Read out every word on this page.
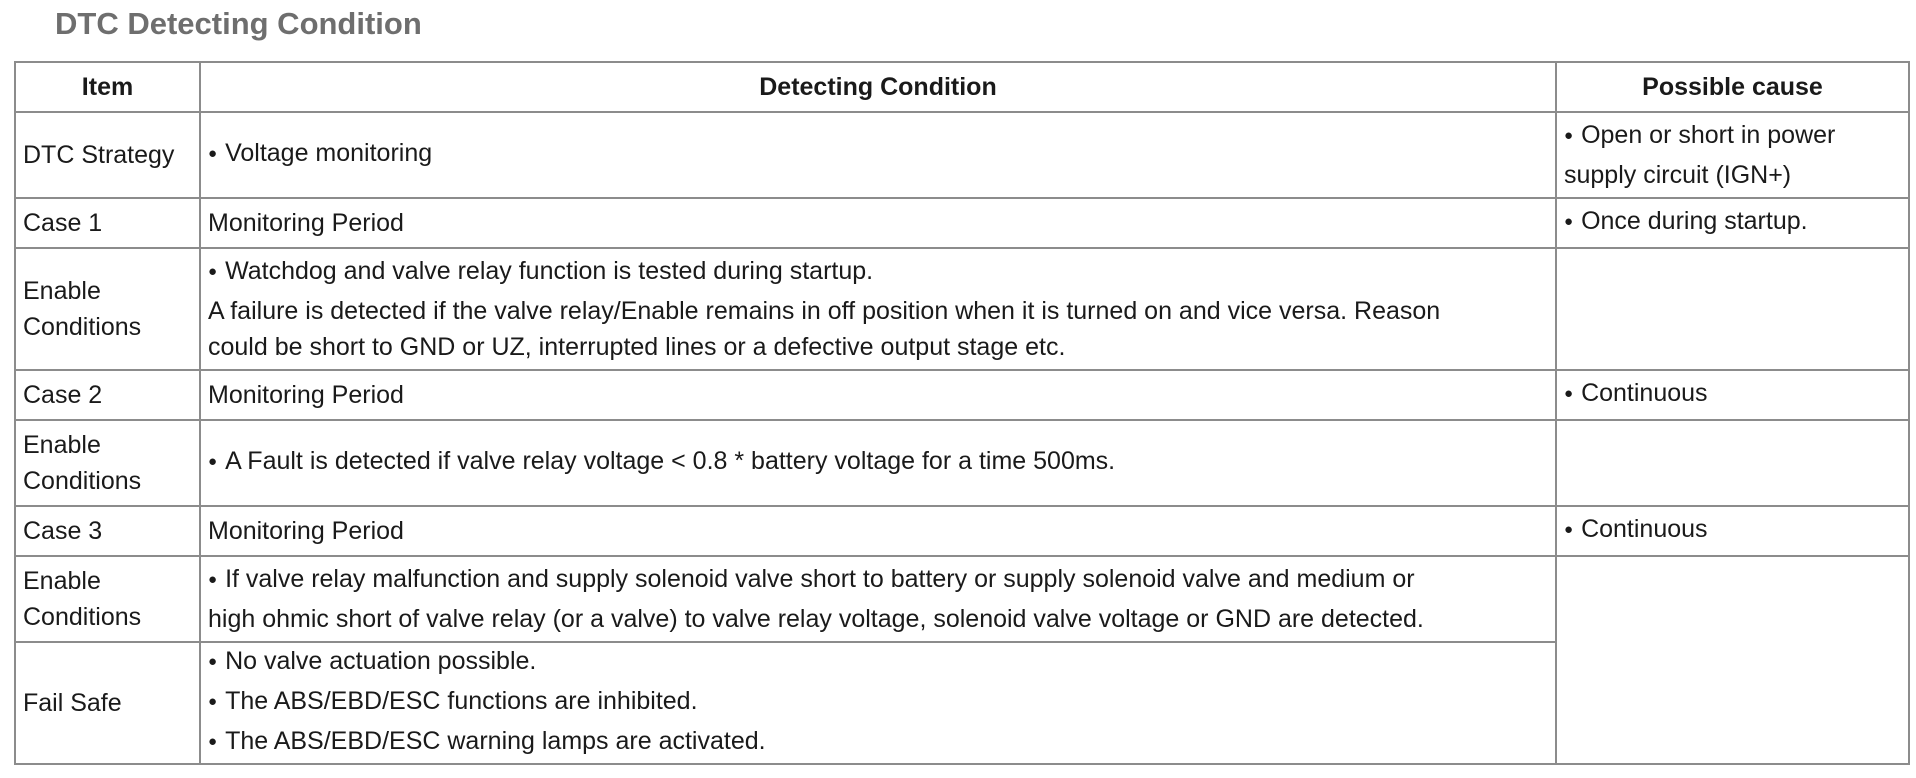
DTC Detecting Condition
Item	Detecting Condition	Possible cause
DTC Strategy	● Voltage monitoring	● Open or short in power
supply circuit (IGN+)

Case 1	Monitoring Period	● Once during startup.

Enable
Conditions	● Watchdog and valve relay function is tested during startup.
A failure is detected if the valve relay/Enable remains in off position when it is turned on and vice versa. Reason
could be short to GND or UZ, interrupted lines or a defective output stage etc.

Case 2	Monitoring Period	● Continuous

Enable
Conditions	● A Fault is detected if valve relay voltage < 0.8 * battery voltage for a time 500ms.

Case 3	Monitoring Period	● Continuous

Enable
Conditions	● If valve relay malfunction and supply solenoid valve short to battery or supply solenoid valve and medium or
high ohmic short of valve relay (or a valve) to valve relay voltage, solenoid valve voltage or GND are detected.

Fail Safe	● No valve actuation possible.
● The ABS/EBD/ESC functions are inhibited.
● The ABS/EBD/ESC warning lamps are activated.
